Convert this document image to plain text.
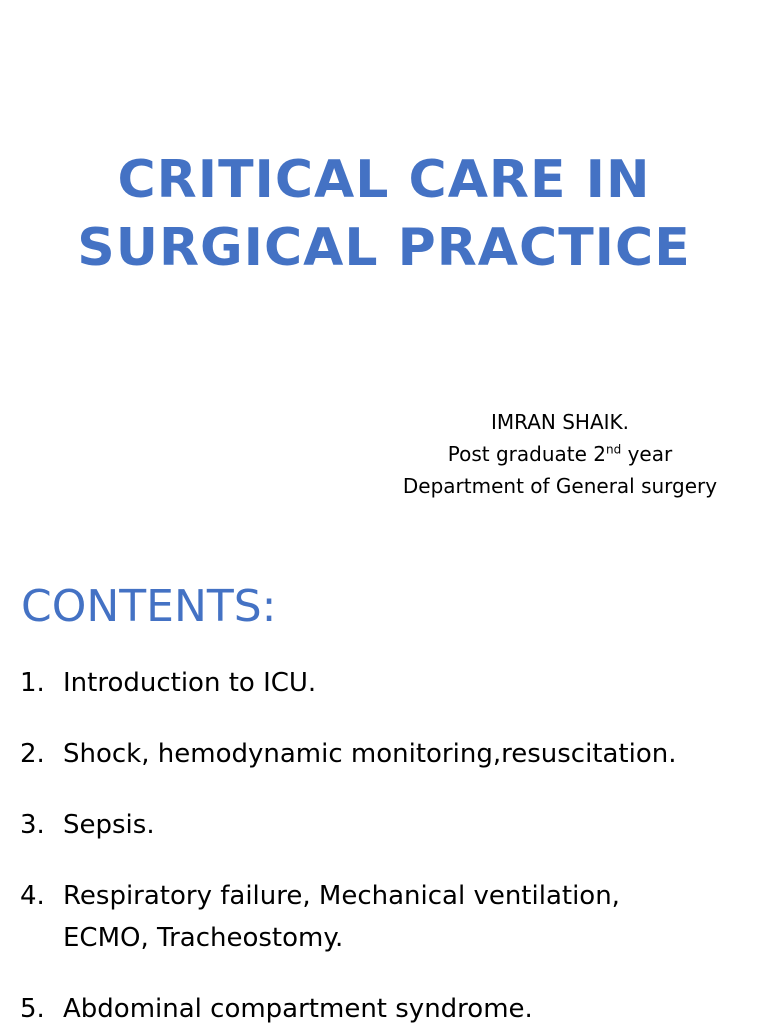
CRITICAL CARE IN
SURGICAL PRACTICE
IMRAN SHAIK.
Post graduate 2nd year
Department of General surgery
CONTENTS:
1. Introduction to ICU.
2. Shock, hemodynamic monitoring,resuscitation.
3. Sepsis.
4. Respiratory failure, Mechanical ventilation,
ECMO, Tracheostomy.
5. Abdominal compartment syndrome.
